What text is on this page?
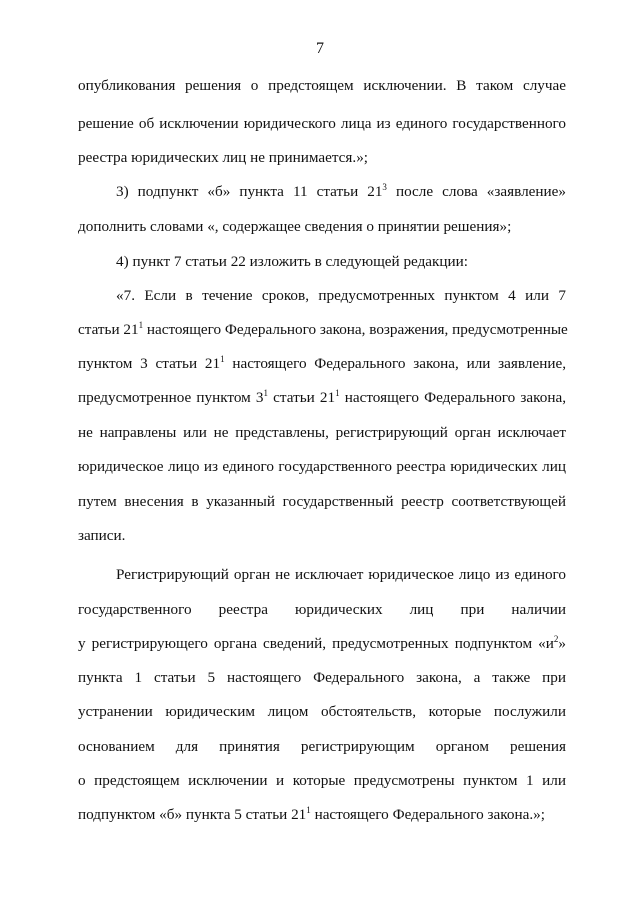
7
опубликования решения о предстоящем исключении. В таком случае
решение об исключении юридического лица из единого государственного
реестра юридических лиц не принимается.»;
3) подпункт «б» пункта 11 статьи $21^3$ после слова «заявление»
дополнить словами «, содержащее сведения о принятии решения»;
4) пункт 7 статьи 22 изложить в следующей редакции:
«7. Если в течение сроков, предусмотренных пунктом 4 или 7
статьи $21^1$ настоящего Федерального закона, возражения, предусмотренные
пунктом 3 статьи $21^1$ настоящего Федерального закона, или заявление,
предусмотренное пунктом $3^1$ статьи $21^1$ настоящего Федерального закона,
не направлены или не представлены, регистрирующий орган исключает
юридическое лицо из единого государственного реестра юридических лиц
путем внесения в указанный государственный реестр соответствующей
записи.
Регистрирующий орган не исключает юридическое лицо из единого
государственного реестра юридических лиц при наличии
у регистрирующего органа сведений, предусмотренных подпунктом «$и^2$»
пункта 1 статьи 5 настоящего Федерального закона, а также при
устранении юридическим лицом обстоятельств, которые послужили
основанием для принятия регистрирующим органом решения
о предстоящем исключении и которые предусмотрены пунктом 1 или
подпунктом «б» пункта 5 статьи $21^1$ настоящего Федерального закона.»;
